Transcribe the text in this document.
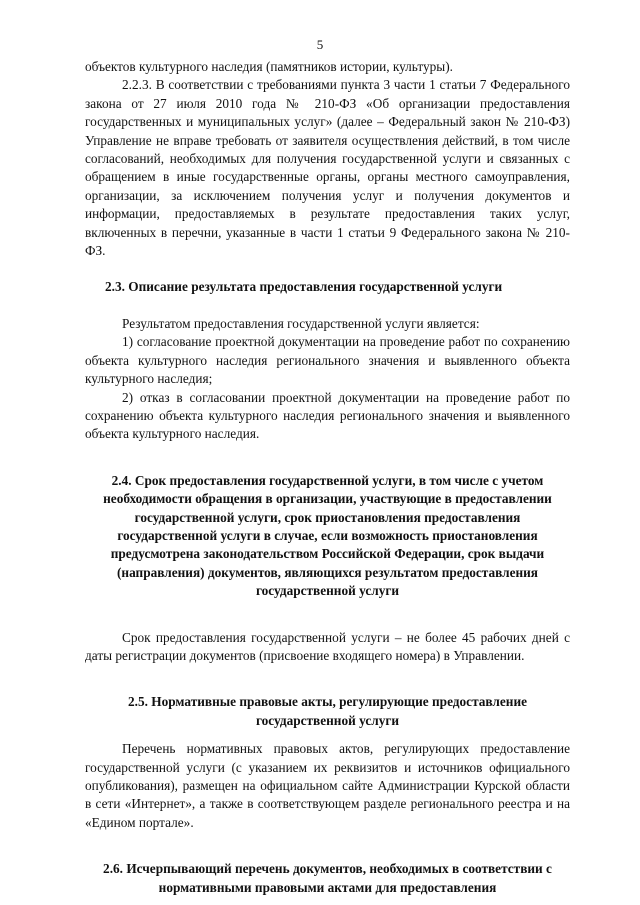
5

объектов культурного наследия (памятников истории, культуры).

2.2.3. В соответствии с требованиями пункта 3 части 1 статьи 7 Федерального закона от 27 июля 2010 года № 210-ФЗ «Об организации предоставления государственных и муниципальных услуг» (далее – Федеральный закон № 210-ФЗ) Управление не вправе требовать от заявителя осуществления действий, в том числе согласований, необходимых для получения государственной услуги и связанных с обращением в иные государственные органы, органы местного самоуправления, организации, за исключением получения услуг и получения документов и информации, предоставляемых в результате предоставления таких услуг, включенных в перечни, указанные в части 1 статьи 9 Федерального закона № 210-ФЗ.

2.3. Описание результата предоставления государственной услуги

Результатом предоставления государственной услуги является:

1) согласование проектной документации на проведение работ по сохранению объекта культурного наследия регионального значения и выявленного объекта культурного наследия;

2) отказ в согласовании проектной документации на проведение работ по сохранению объекта культурного наследия регионального значения и выявленного объекта культурного наследия.

2.4. Срок предоставления государственной услуги, в том числе с учетом необходимости обращения в организации, участвующие в предоставлении государственной услуги, срок приостановления предоставления государственной услуги в случае, если возможность приостановления предусмотрена законодательством Российской Федерации, срок выдачи (направления) документов, являющихся результатом предоставления государственной услуги

Срок предоставления государственной услуги – не более 45 рабочих дней с даты регистрации документов (присвоение входящего номера) в Управлении.

2.5. Нормативные правовые акты, регулирующие предоставление государственной услуги

Перечень нормативных правовых актов, регулирующих предоставление государственной услуги (с указанием их реквизитов и источников официального опубликования), размещен на официальном сайте Администрации Курской области в сети «Интернет», а также в соответствующем разделе регионального реестра и на «Едином портале».

2.6. Исчерпывающий перечень документов, необходимых в соответствии с нормативными правовыми актами для предоставления
